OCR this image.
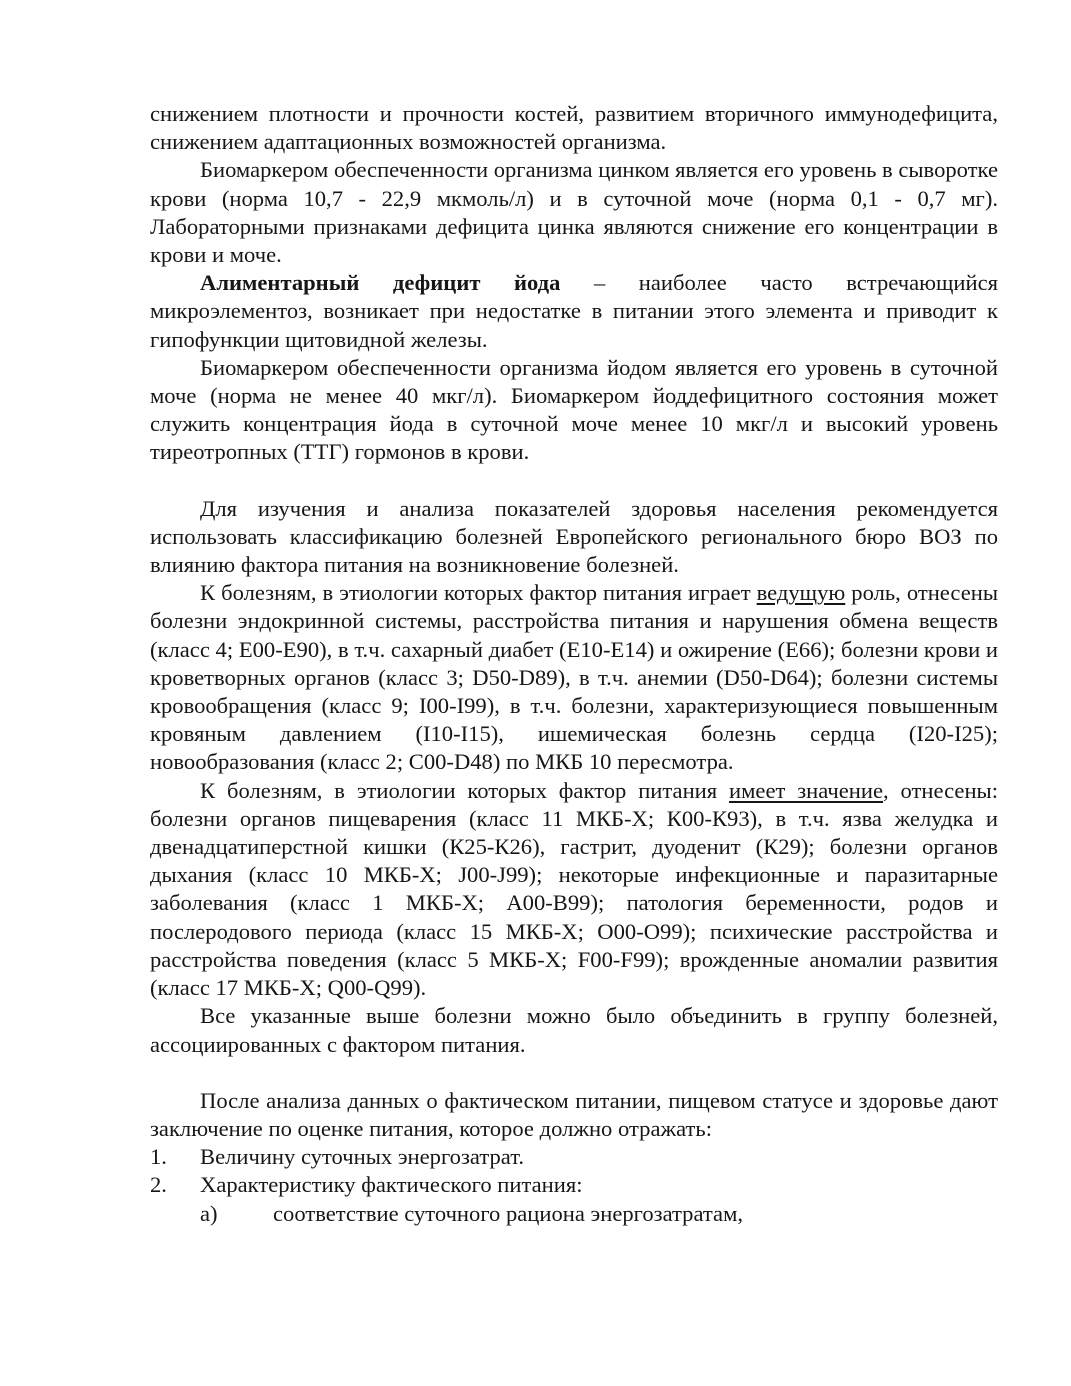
снижением плотности и прочности костей, развитием вторичного иммунодефицита, снижением адаптационных возможностей организма.

Биомаркером обеспеченности организма цинком является его уровень в сыворотке крови (норма 10,7 - 22,9 мкмоль/л) и в суточной моче (норма 0,1 - 0,7 мг). Лабораторными признаками дефицита цинка являются снижение его концентрации в крови и моче.

Алиментарный дефицит йода – наиболее часто встречающийся микроэлементоз, возникает при недостатке в питании этого элемента и приводит к гипофункции щитовидной железы.

Биомаркером обеспеченности организма йодом является его уровень в суточной моче (норма не менее 40 мкг/л). Биомаркером йоддефицитного состояния может служить концентрация йода в суточной моче менее 10 мкг/л и высокий уровень тиреотропных (ТТГ) гормонов в крови.

Для изучения и анализа показателей здоровья населения рекомендуется использовать классификацию болезней Европейского регионального бюро ВОЗ по влиянию фактора питания на возникновение болезней.

К болезням, в этиологии которых фактор питания играет ведущую роль, отнесены болезни эндокринной системы, расстройства питания и нарушения обмена веществ (класс 4; Е00-Е90), в т.ч. сахарный диабет (Е10-Е14) и ожирение (Е66); болезни крови и кроветворных органов (класс 3; D50-D89), в т.ч. анемии (D50-D64); болезни системы кровообращения (класс 9; I00-I99), в т.ч. болезни, характеризующиеся повышенным кровяным давлением (I10-I15), ишемическая болезнь сердца (I20-I25); новообразования (класс 2; С00-D48) по МКБ 10 пересмотра.

К болезням, в этиологии которых фактор питания имеет значение, отнесены: болезни органов пищеварения (класс 11 МКБ-Х; К00-К93), в т.ч. язва желудка и двенадцатиперстной кишки (К25-К26), гастрит, дуоденит (К29); болезни органов дыхания (класс 10 МКБ-Х; J00-J99); некоторые инфекционные и паразитарные заболевания (класс 1 МКБ-Х; А00-В99); патология беременности, родов и послеродового периода (класс 15 МКБ-Х; О00-О99); психические расстройства и расстройства поведения (класс 5 МКБ-Х; F00-F99); врожденные аномалии развития (класс 17 МКБ-Х; Q00-Q99).

Все указанные выше болезни можно было объединить в группу болезней, ассоциированных с фактором питания.

После анализа данных о фактическом питании, пищевом статусе и здоровье дают заключение по оценке питания, которое должно отражать:

1.	Величину суточных энергозатрат.
2.	Характеристику фактического питания:
а)	соответствие суточного рациона энергозатратам,
